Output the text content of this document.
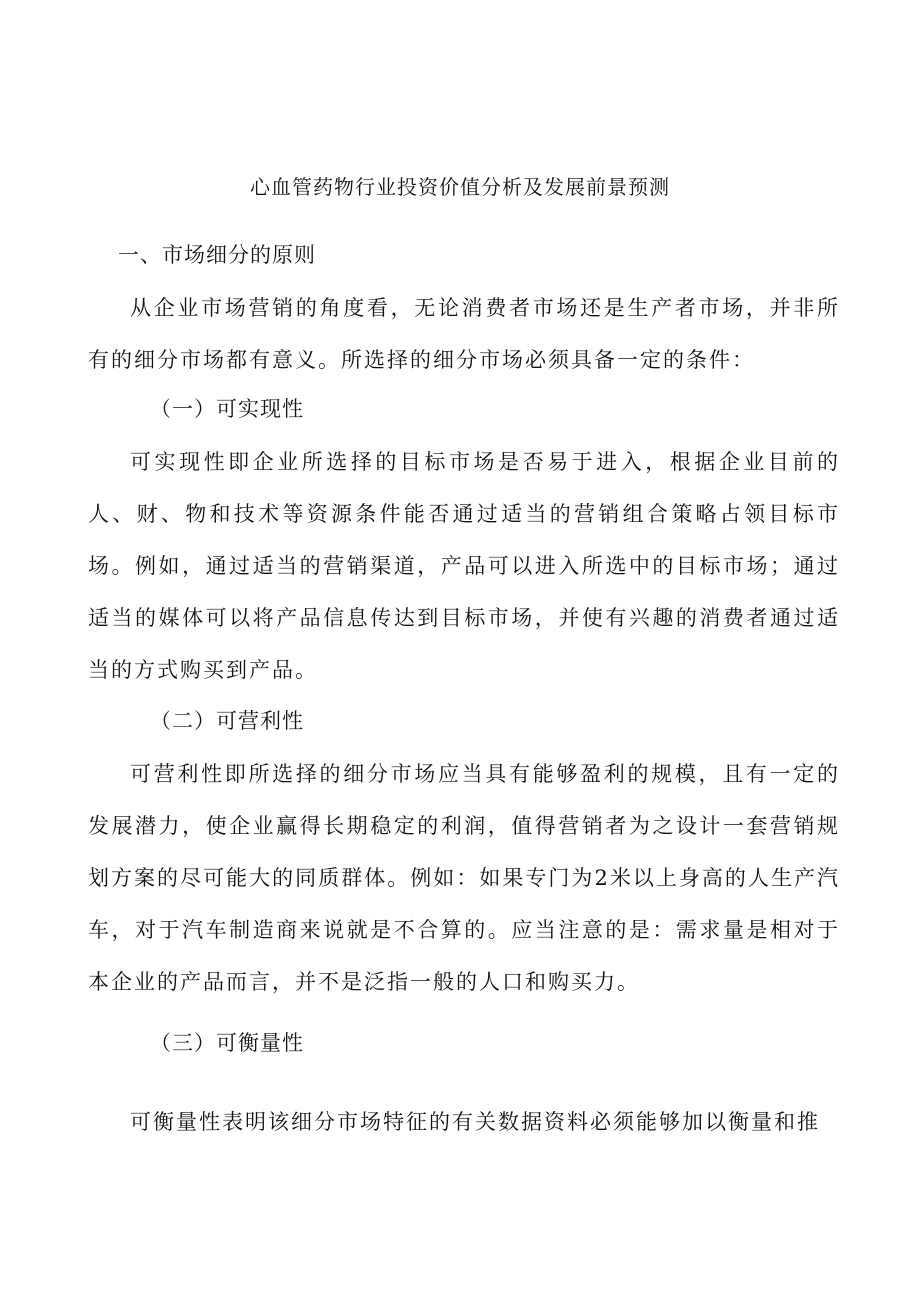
心血管药物行业投资价值分析及发展前景预测
一、市场细分的原则

从企业市场营销的角度看，无论消费者市场还是生产者市场，并非所有的细分市场都有意义。所选择的细分市场必须具备一定的条件：

（一）可实现性

可实现性即企业所选择的目标市场是否易于进入，根据企业目前的人、财、物和技术等资源条件能否通过适当的营销组合策略占领目标市场。例如，通过适当的营销渠道，产品可以进入所选中的目标市场；通过适当的媒体可以将产品信息传达到目标市场，并使有兴趣的消费者通过适当的方式购买到产品。

（二）可营利性

可营利性即所选择的细分市场应当具有能够盈利的规模，且有一定的发展潜力，使企业赢得长期稳定的利润，值得营销者为之设计一套营销规划方案的尽可能大的同质群体。例如：如果专门为2米以上身高的人生产汽车，对于汽车制造商来说就是不合算的。应当注意的是：需求量是相对于本企业的产品而言，并不是泛指一般的人口和购买力。

（三）可衡量性

可衡量性表明该细分市场特征的有关数据资料必须能够加以衡量和推
